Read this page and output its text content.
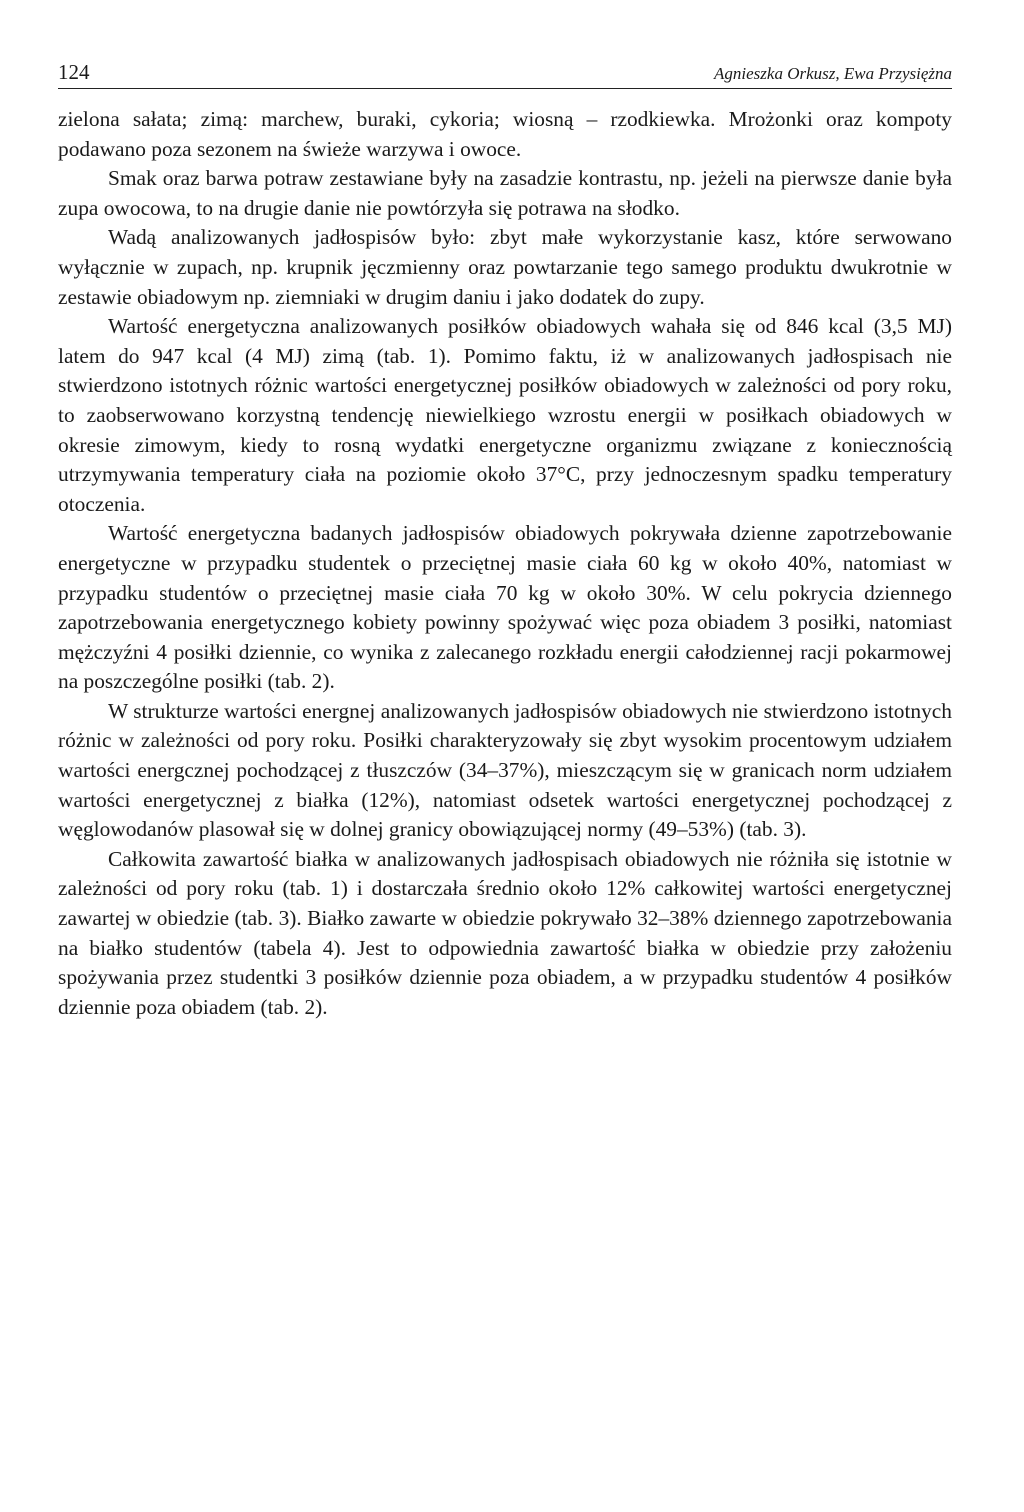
124	Agnieszka Orkusz, Ewa Przysiężna

zielona sałata; zimą: marchew, buraki, cykoria; wiosną – rzodkiewka. Mrożonki oraz kompoty podawano poza sezonem na świeże warzywa i owoce.

Smak oraz barwa potraw zestawiane były na zasadzie kontrastu, np. jeżeli na pierwsze danie była zupa owocowa, to na drugie danie nie powtórzyła się potrawa na słodko.

Wadą analizowanych jadłospisów było: zbyt małe wykorzystanie kasz, które serwowano wyłącznie w zupach, np. krupnik jęczmienny oraz powtarzanie tego samego produktu dwukrotnie w zestawie obiadowym np. ziemniaki w drugim daniu i jako dodatek do zupy.

Wartość energetyczna analizowanych posiłków obiadowych wahała się od 846 kcal (3,5 MJ) latem do 947 kcal (4 MJ) zimą (tab. 1). Pomimo faktu, iż w analizowanych jadłospisach nie stwierdzono istotnych różnic wartości energetycznej posiłków obiadowych w zależności od pory roku, to zaobserwowano korzystną tendencję niewielkiego wzrostu energii w posiłkach obiadowych w okresie zimowym, kiedy to rosną wydatki energetyczne organizmu związane z koniecznością utrzymywania temperatury ciała na poziomie około 37°C, przy jednoczesnym spadku temperatury otoczenia.

Wartość energetyczna badanych jadłospisów obiadowych pokrywała dzienne zapotrzebowanie energetyczne w przypadku studentek o przeciętnej masie ciała 60 kg w około 40%, natomiast w przypadku studentów o przeciętnej masie ciała 70 kg w około 30%. W celu pokrycia dziennego zapotrzebowania energetycznego kobiety powinny spożywać więc poza obiadem 3 posiłki, natomiast mężczyźni 4 posiłki dziennie, co wynika z zalecanego rozkładu energii całodziennej racji pokarmowej na poszczególne posiłki (tab. 2).

W strukturze wartości energnej analizowanych jadłospisów obiadowych nie stwierdzono istotnych różnic w zależności od pory roku. Posiłki charakteryzowały się zbyt wysokim procentowym udziałem wartości energcznej pochodzącej z tłuszczów (34–37%), mieszczącym się w granicach norm udziałem wartości energetycznej z białka (12%), natomiast odsetek wartości energetycznej pochodzącej z węglowodanów plasował się w dolnej granicy obowiązującej normy (49–53%) (tab. 3).

Całkowita zawartość białka w analizowanych jadłospisach obiadowych nie różniła się istotnie w zależności od pory roku (tab. 1) i dostarczała średnio około 12% całkowitej wartości energetycznej zawartej w obiedzie (tab. 3). Białko zawarte w obiedzie pokrywało 32–38% dziennego zapotrzebowania na białko studentów (tabela 4). Jest to odpowiednia zawartość białka w obiedzie przy założeniu spożywania przez studentki 3 posiłków dziennie poza obiadem, a w przypadku studentów 4 posiłków dziennie poza obiadem (tab. 2).
